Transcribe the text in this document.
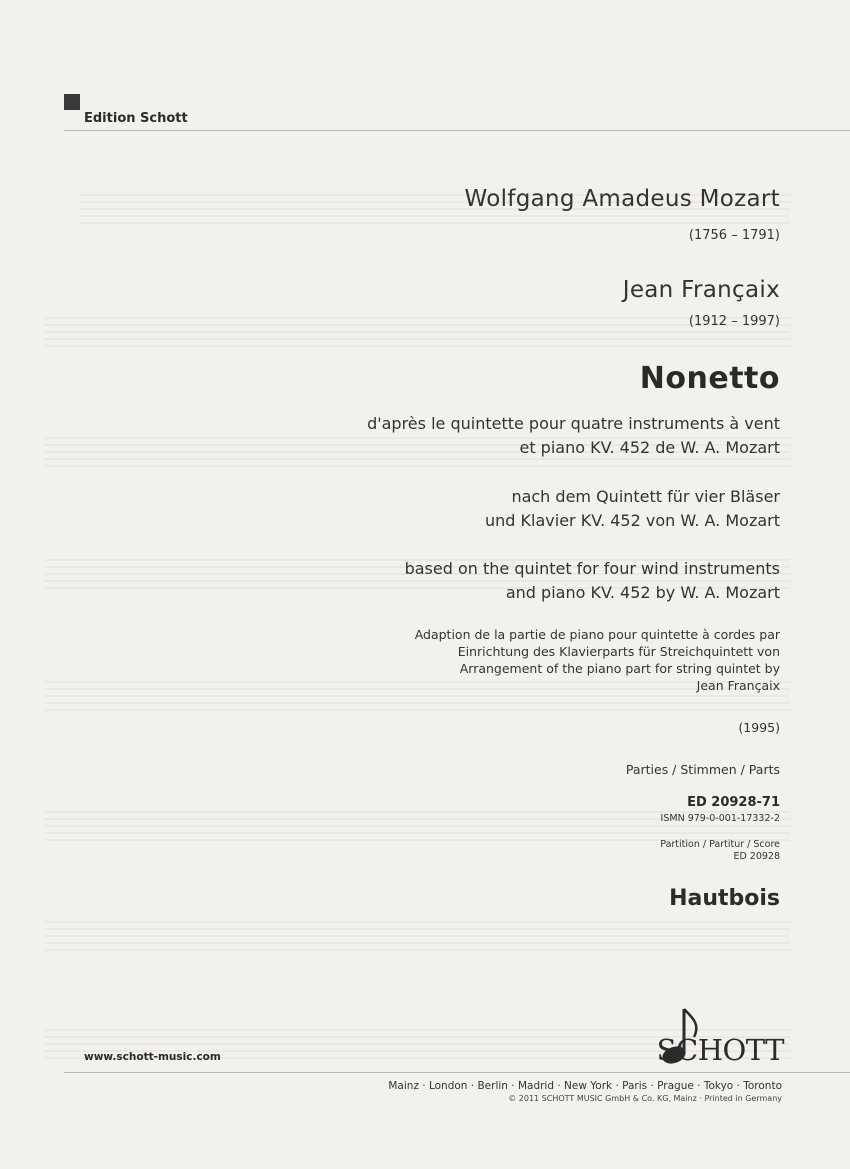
Edition Schott
Wolfgang Amadeus Mozart
(1756 – 1791)
Jean Françaix
(1912 – 1997)
Nonetto
d'après le quintette pour quatre instruments à vent
et piano KV. 452 de W. A. Mozart
nach dem Quintett für vier Bläser
und Klavier KV. 452 von W. A. Mozart
based on the quintet for four wind instruments
and piano KV. 452 by W. A. Mozart
Adaption de la partie de piano pour quintette à cordes par
Einrichtung des Klavierparts für Streichquintett von
Arrangement of the piano part for string quintet by
Jean Françaix
(1995)
Parties / Stimmen / Parts
ED 20928-71
ISMN 979-0-001-17332-2
Partition / Partitur / Score
ED 20928
Hautbois
SCHOTT
www.schott-music.com
Mainz · London · Berlin · Madrid · New York · Paris · Prague · Tokyo · Toronto
© 2011 SCHOTT MUSIC GmbH & Co. KG, Mainz · Printed in Germany
